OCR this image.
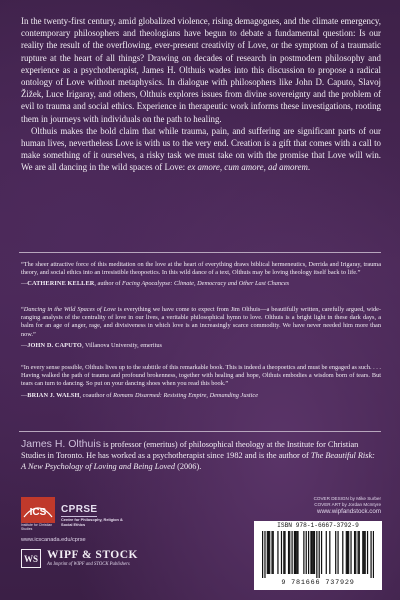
In the twenty-first century, amid globalized violence, rising demagogues, and the climate emergency, contemporary philosophers and theologians have begun to debate a fundamental question: Is our reality the result of the overflowing, ever-present creativity of Love, or the symptom of a traumatic rupture at the heart of all things? Drawing on decades of research in postmodern philosophy and experience as a psychotherapist, James H. Olthuis wades into this discussion to propose a radical ontology of Love without metaphysics. In dialogue with philosophers like John D. Caputo, Slavoj Žižek, Luce Irigaray, and others, Olthuis explores issues from divine sovereignty and the problem of evil to trauma and social ethics. Experience in therapeutic work informs these investigations, rooting them in journeys with individuals on the path to healing.

Olthuis makes the bold claim that while trauma, pain, and suffering are significant parts of our human lives, nevertheless Love is with us to the very end. Creation is a gift that comes with a call to make something of it ourselves, a risky task we must take on with the promise that Love will win. We are all dancing in the wild spaces of Love: ex amore, cum amore, ad amorem.

“The sheer attractive force of this meditation on the love at the heart of everything draws biblical hermeneutics, Derrida and Irigaray, trauma theory, and social ethics into an irresistible theopoetics. In this wild dance of a text, Olthuis may be loving theology itself back to life.”

—CATHERINE KELLER, author of Facing Apocalypse: Climate, Democracy and Other Last Chances

“Dancing in the Wild Spaces of Love is everything we have come to expect from Jim Olthuis—a beautifully written, carefully argued, wide-ranging analysis of the centrality of love in our lives, a veritable philosophical hymn to love. Olthuis is a bright light in these dark days, a balm for an age of anger, rage, and divisiveness in which love is an increasingly scarce commodity. We have never needed him more than now.”

—JOHN D. CAPUTO, Villanova University, emeritus

“In every sense possible, Olthuis lives up to the subtitle of this remarkable book. This is indeed a theopoetics and must be engaged as such. . . . Having walked the path of trauma and profound brokenness, together with healing and hope, Olthuis embodies a wisdom born of tears. But tears can turn to dancing. So put on your dancing shoes when you read this book.”

—BRIAN J. WALSH, coauthor of Romans Disarmed: Resisting Empire, Demanding Justice

James H. Olthuis is professor (emeritus) of philosophical theology at the Institute for Christian Studies in Toronto. He has worked as a psychotherapist since 1982 and is the author of The Beautiful Risk: A New Psychology of Loving and Being Loved (2006).
ICS
Institute for Christian Studies
CPRSE
Centre for Philosophy, Religion & Social Ethics
www.icscanada.edu/cprse
WS WIPF & STOCK
An Imprint of WIPF and STOCK Publishers
COVER DESIGN by Mike Surber
COVER ART by Jordan McIntyre
www.wipfandstock.com
ISBN 978-1-6667-3792-9
9 781666 737929
